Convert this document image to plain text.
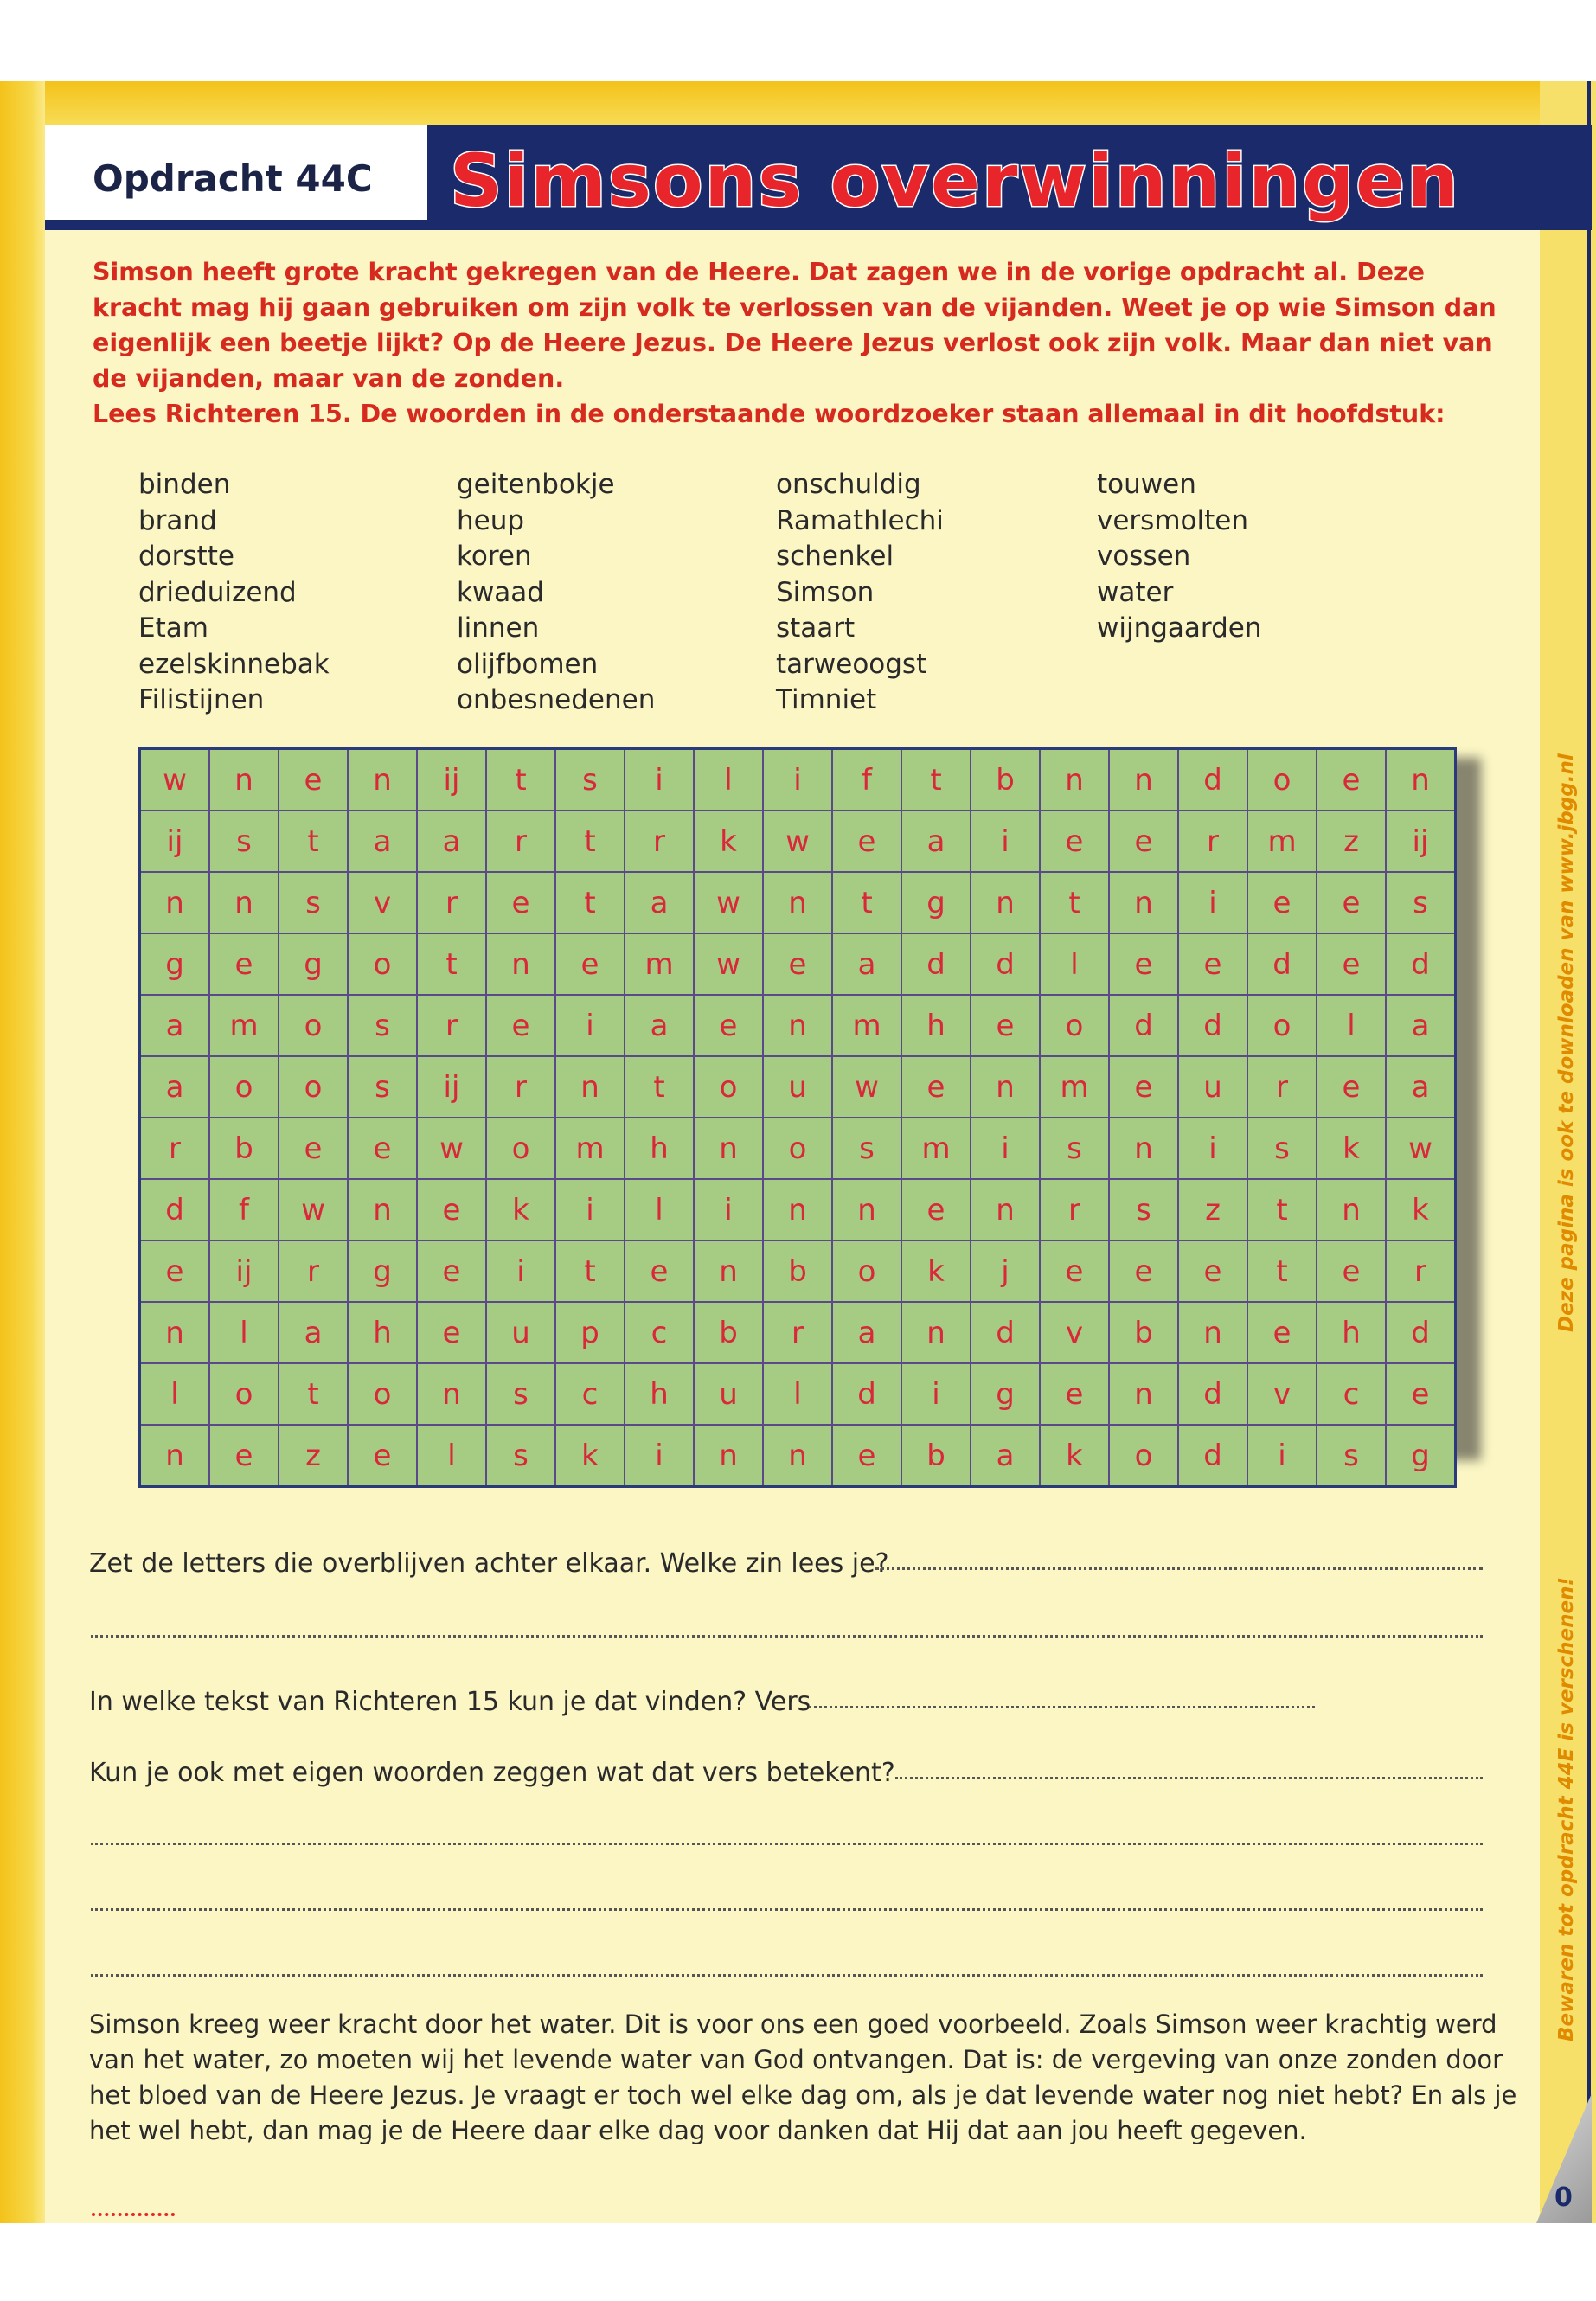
Opdracht 44C Simsons overwinningen

Simson heeft grote kracht gekregen van de Heere. Dat zagen we in de vorige opdracht al. Deze kracht mag hij gaan gebruiken om zijn volk te verlossen van de vijanden. Weet je op wie Simson dan eigenlijk een beetje lijkt? Op de Heere Jezus. De Heere Jezus verlost ook zijn volk. Maar dan niet van de vijanden, maar van de zonden.

Lees Richteren 15. De woorden in de onderstaande woordzoeker staan allemaal in dit hoofdstuk:

binden
brand
dorstte
drieduizend
Etam
ezelskinnebak
Filistijnen
geitenbokje
heup
koren
kwaad
linnen
olijfbomen
onbesnedenen
onschuldig
Ramathlechi
schenkel
Simson
staart
tarweoogst
Timniet
touwen
versmolten
vossen
water
wijngaarden
w	n	e	n	ij	t	s	i	l	i	f	t	b	n	n	d	o	e	n
ij	s	t	a	a	r	t	r	k	w	e	a	i	e	e	r	m	z	ij
n	n	s	v	r	e	t	a	w	n	t	g	n	t	n	i	e	e	s
g	e	g	o	t	n	e	m	w	e	a	d	d	l	e	e	d	e	d
a	m	o	s	r	e	i	a	e	n	m	h	e	o	d	d	o	l	a
a	o	o	s	ij	r	n	t	o	u	w	e	n	m	e	u	r	e	a
r	b	e	e	w	o	m	h	n	o	s	m	i	s	n	i	s	k	w
d	f	w	n	e	k	i	l	i	n	n	e	n	r	s	z	t	n	k
e	ij	r	g	e	i	t	e	n	b	o	k	j	e	e	e	t	e	r
n	l	a	h	e	u	p	c	b	r	a	n	d	v	b	n	e	h	d
l	o	t	o	n	s	c	h	u	l	d	i	g	e	n	d	v	c	e
n	e	z	e	l	s	k	i	n	n	e	b	a	k	o	d	i	s	g
Zet de letters die overblijven achter elkaar. Welke zin lees je?
In welke tekst van Richteren 15 kun je dat vinden? Vers
Kun je ook met eigen woorden zeggen wat dat vers betekent?
Simson kreeg weer kracht door het water. Dit is voor ons een goed voorbeeld. Zoals Simson weer krachtig werd van het water, zo moeten wij het levende water van God ontvangen. Dat is: de vergeving van onze zonden door het bloed van de Heere Jezus. Je vraagt er toch wel elke dag om, als je dat levende water nog niet hebt? En als je het wel hebt, dan mag je de Heere daar elke dag voor danken dat Hij dat aan jou heeft gegeven.
Deze pagina is ook te downloaden van www.jbgg.nl
Bewaren tot opdracht 44E is verschenen!
0
